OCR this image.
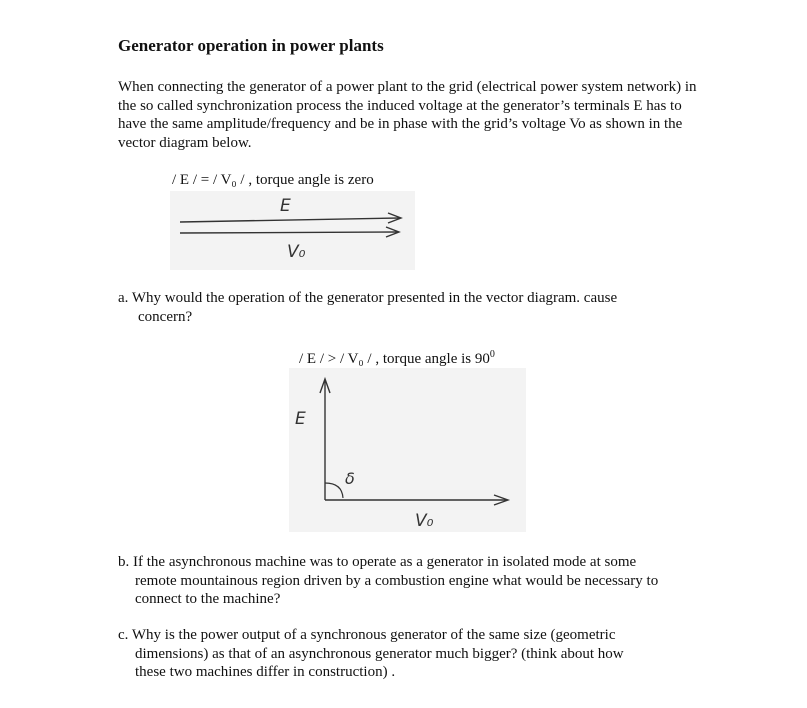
Generator operation in power plants

When connecting the generator of a power plant to the grid (electrical power system network) in the so called synchronization process the induced voltage at the generator’s terminals E has to have the same amplitude/frequency and be in phase with the grid’s voltage Vo as shown in the vector diagram below.

/ E / = / V₀ / , torque angle is zero

E
V₀
a. Why would the operation of the generator presented in the vector diagram. cause
concern?

/ E / > / V₀ / , torque angle is $90^0$

E
δ
V₀
b. If the asynchronous machine was to operate as a generator in isolated mode at some
remote mountainous region driven by a combustion engine what would be necessary to
connect to the machine?
c. Why is the power output of a synchronous generator of the same size (geometric
dimensions) as that of an asynchronous generator much bigger? (think about how
these two machines differ in construction) .
